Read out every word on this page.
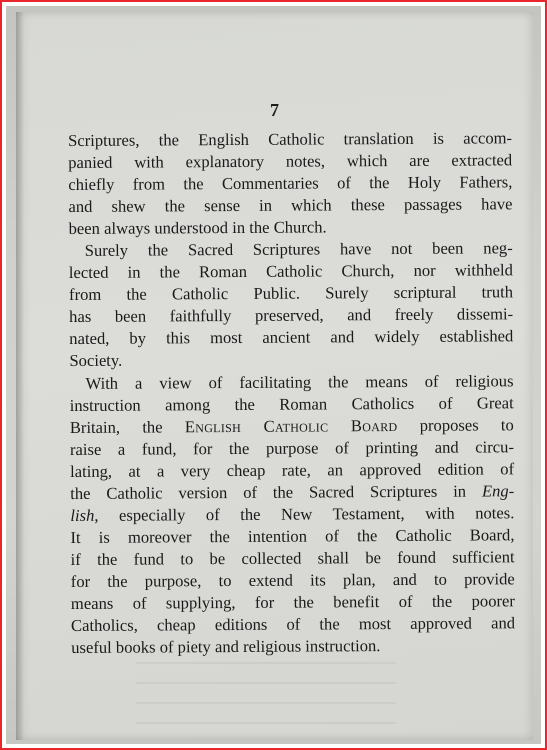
7

Scriptures, the English Catholic translation is accom-
panied with explanatory notes, which are extracted
chiefly from the Commentaries of the Holy Fathers,
and shew the sense in which these passages have
been always understood in the Church.

Surely the Sacred Scriptures have not been neg-
lected in the Roman Catholic Church, nor withheld
from the Catholic Public. Surely scriptural truth
has been faithfully preserved, and freely dissemi-
nated, by this most ancient and widely established
Society.

With a view of facilitating the means of religious
instruction among the Roman Catholics of Great
Britain, the English Catholic Board proposes to
raise a fund, for the purpose of printing and circu-
lating, at a very cheap rate, an approved edition of
the Catholic version of the Sacred Scriptures in Eng-
lish, especially of the New Testament, with notes.
It is moreover the intention of the Catholic Board,
if the fund to be collected shall be found sufficient
for the purpose, to extend its plan, and to provide
means of supplying, for the benefit of the poorer
Catholics, cheap editions of the most approved and
useful books of piety and religious instruction.
